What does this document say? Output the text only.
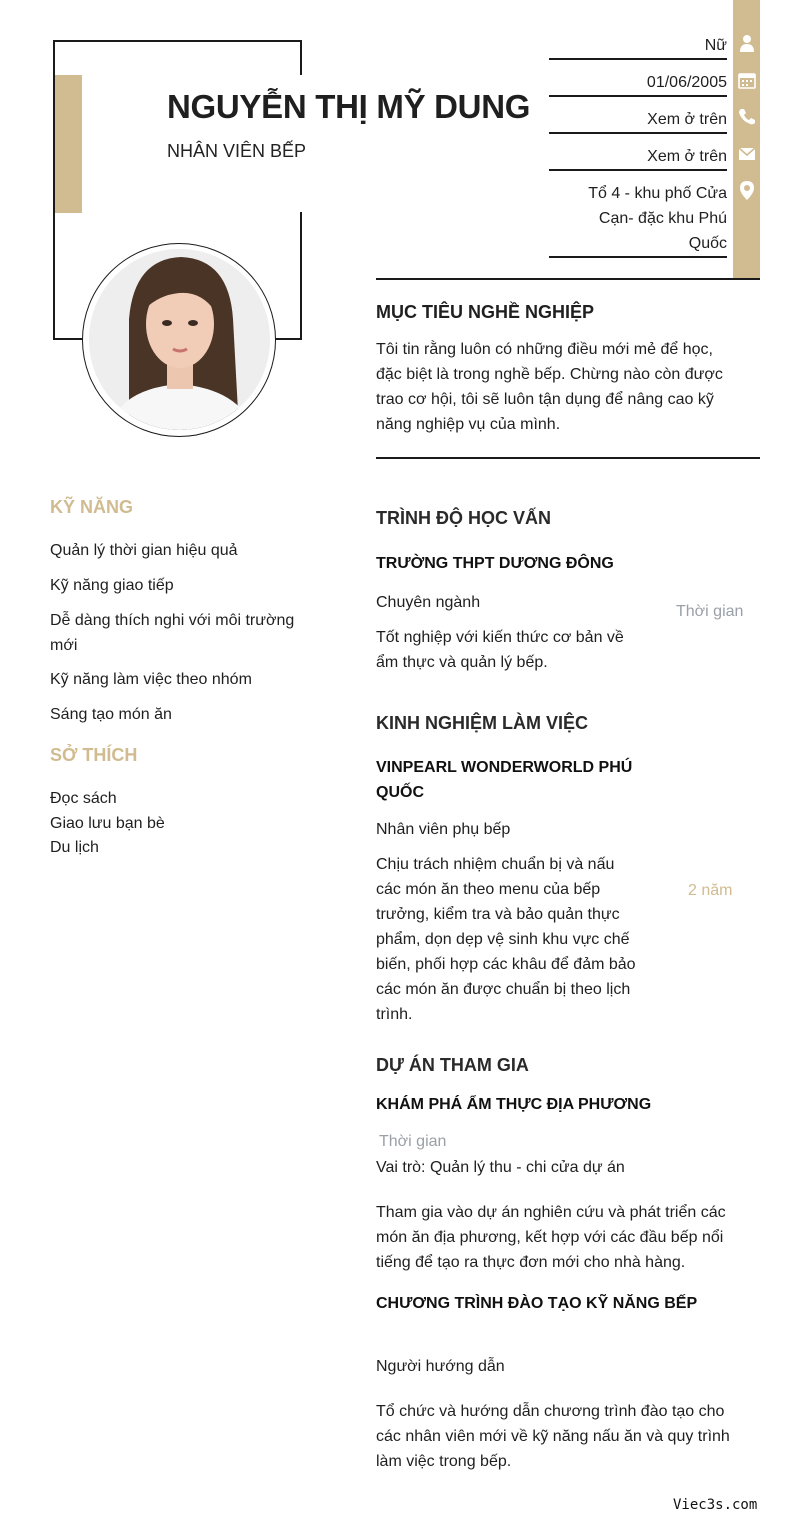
NGUYỄN THỊ MỸ DUNG
NHÂN VIÊN BẾP
Nữ
01/06/2005
Xem ở trên
Xem ở trên
Tổ 4 - khu phố Cửa
Cạn- đặc khu Phú
Quốc
MỤC TIÊU NGHỀ NGHIỆP
Tôi tin rằng luôn có những điều mới mẻ để học,
đặc biệt là trong nghề bếp. Chừng nào còn được
trao cơ hội, tôi sẽ luôn tận dụng để nâng cao kỹ
năng nghiệp vụ của mình.
KỸ NĂNG
Quản lý thời gian hiệu quả
Kỹ năng giao tiếp
Dễ dàng thích nghi với môi trường
mới
Kỹ năng làm việc theo nhóm
Sáng tạo món ăn
SỞ THÍCH
Đọc sách
Giao lưu bạn bè
Du lịch
TRÌNH ĐỘ HỌC VẤN
TRƯỜNG THPT DƯƠNG ĐÔNG
Chuyên ngành
Thời gian
Tốt nghiệp với kiến thức cơ bản về
ẩm thực và quản lý bếp.
KINH NGHIỆM LÀM VIỆC
VINPEARL WONDERWORLD PHÚ
QUỐC
Nhân viên phụ bếp
2 năm
Chịu trách nhiệm chuẩn bị và nấu
các món ăn theo menu của bếp
trưởng, kiểm tra và bảo quản thực
phẩm, dọn dẹp vệ sinh khu vực chế
biến, phối hợp các khâu để đảm bảo
các món ăn được chuẩn bị theo lịch
trình.
DỰ ÁN THAM GIA
KHÁM PHÁ ẨM THỰC ĐỊA PHƯƠNG
Thời gian
Vai trò: Quản lý thu - chi cửa dự án
Tham gia vào dự án nghiên cứu và phát triển các
món ăn địa phương, kết hợp với các đầu bếp nổi
tiếng để tạo ra thực đơn mới cho nhà hàng.
CHƯƠNG TRÌNH ĐÀO TẠO KỸ NĂNG BẾP
Người hướng dẫn
Tổ chức và hướng dẫn chương trình đào tạo cho
các nhân viên mới về kỹ năng nấu ăn và quy trình
làm việc trong bếp.
Viec3s.com
